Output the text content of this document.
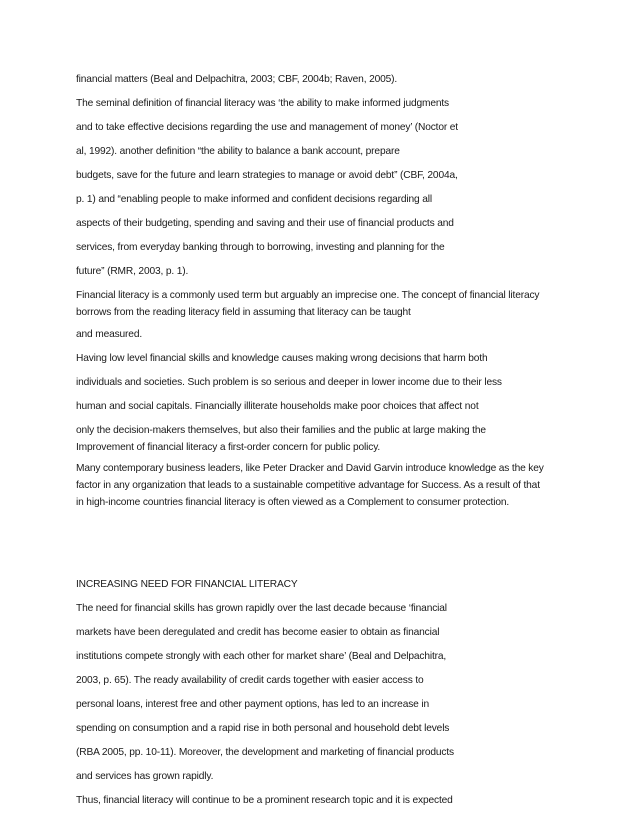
financial matters (Beal and Delpachitra, 2003; CBF, 2004b; Raven, 2005).
The seminal definition of financial literacy was ‘the ability to make informed judgments
and to take effective decisions regarding the use and management of money’ (Noctor et
al, 1992). another definition “the ability to balance a bank account, prepare
budgets, save for the future and learn strategies to manage or avoid debt” (CBF, 2004a,
p. 1) and “enabling people to make informed and confident decisions regarding all
aspects of their budgeting, spending and saving and their use of financial products and
services, from everyday banking through to borrowing, investing and planning for the
future” (RMR, 2003, p. 1).
Financial literacy is a commonly used term but arguably an imprecise one. The concept of financial literacy
borrows from the reading literacy field in assuming that literacy can be taught
and measured.
Having low level financial skills and knowledge causes making wrong decisions that harm both
individuals and societies. Such problem is so serious and deeper in lower income due to their less
human and social capitals. Financially illiterate households make poor choices that affect not
only the decision-makers themselves, but also their families and the public at large making the
Improvement of financial literacy a first-order concern for public policy.
Many contemporary business leaders, like Peter Dracker and David Garvin introduce knowledge as the key
factor in any organization that leads to a sustainable competitive advantage for Success. As a result of that
in high-income countries financial literacy is often viewed as a Complement to consumer protection.
INCREASING NEED FOR FINANCIAL LITERACY
The need for financial skills has grown rapidly over the last decade because ‘financial
markets have been deregulated and credit has become easier to obtain as financial
institutions compete strongly with each other for market share’ (Beal and Delpachitra,
2003, p. 65). The ready availability of credit cards together with easier access to
personal loans, interest free and other payment options, has led to an increase in
spending on consumption and a rapid rise in both personal and household debt levels
(RBA 2005, pp. 10-11). Moreover, the development and marketing of financial products
and services has grown rapidly.
Thus, financial literacy will continue to be a prominent research topic and it is expected
